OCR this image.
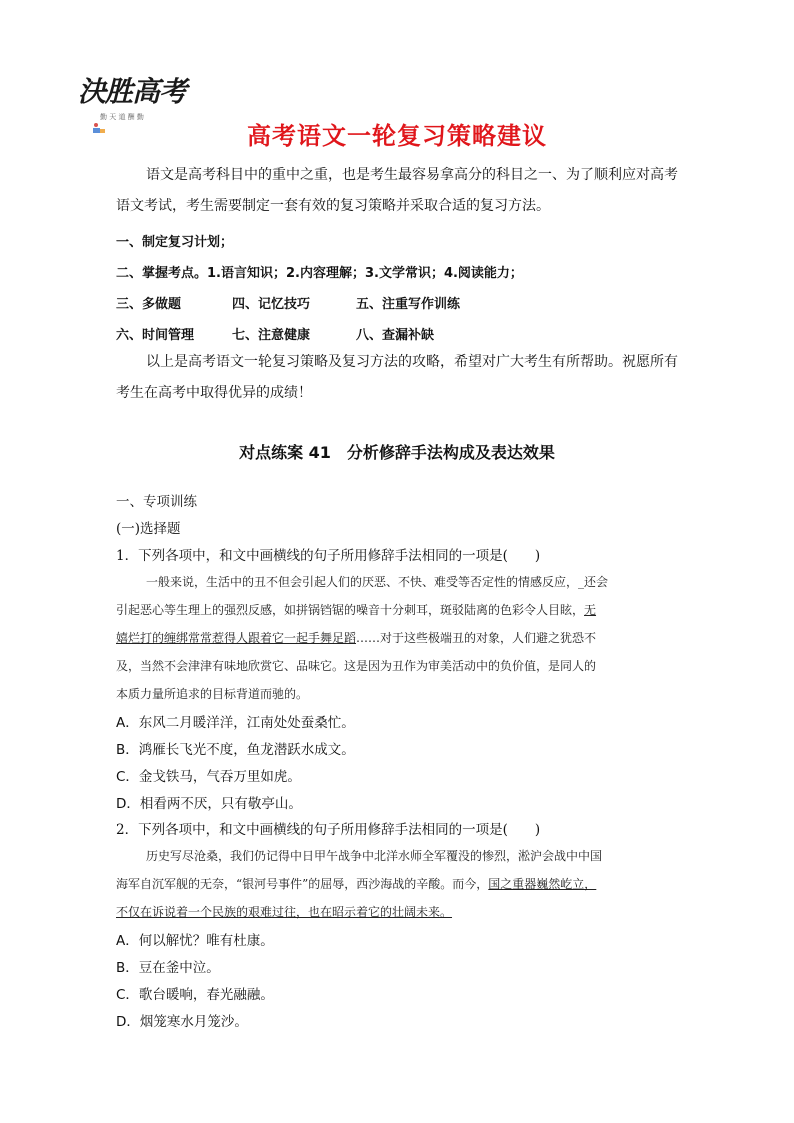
決胜高考
勤 天 道 酬 勤
高考语文一轮复习策略建议
语文是高考科目中的重中之重，也是考生最容易拿高分的科目之一、为了顺利应对高考
语文考试，考生需要制定一套有效的复习策略并采取合适的复习方法。
一、制定复习计划；
二、掌握考点。1.语言知识；2.内容理解；3.文学常识；4.阅读能力；
三、多做题	四、记忆技巧	五、注重写作训练
六、时间管理	七、注意健康	八、查漏补缺
以上是高考语文一轮复习策略及复习方法的攻略，希望对广大考生有所帮助。祝愿所有
考生在高考中取得优异的成绩！
对点练案 41　分析修辞手法构成及表达效果
一、专项训练
(一)选择题
1．下列各项中，和文中画横线的句子所用修辞手法相同的一项是(　　)
一般来说，生活中的丑不但会引起人们的厌恶、不快、难受等否定性的情感反应，_还会
引起恶心等生理上的强烈反感，如拼锅铛锯的噪音十分刺耳，斑驳陆离的色彩令人目眩，无
嬉烂打的缠绑常常惹得人跟着它一起手舞足蹈……对于这些极端丑的对象，人们避之犹恐不
及，当然不会津津有味地欣赏它、品味它。这是因为丑作为审美活动中的负价值，是同人的
本质力量所追求的目标背道而驰的。
A．东风二月暖洋洋，江南处处蚕桑忙。
B．鸿雁长飞光不度，鱼龙潜跃水成文。
C．金戈铁马，气吞万里如虎。
D．相看两不厌，只有敬亭山。
2．下列各项中，和文中画横线的句子所用修辞手法相同的一项是(　　)
历史写尽沧桑，我们仍记得中日甲午战争中北洋水师全军覆没的惨烈，淞沪会战中中国
海军自沉军舰的无奈，“银河号事件”的屈辱，西沙海战的辛酸。而今，国之重器巍然屹立，
不仅在诉说着一个民族的艰难过往，也在昭示着它的壮阔未来。
A．何以解忧？唯有杜康。
B．豆在釜中泣。
C．歌台暖响，春光融融。
D．烟笼寒水月笼沙。
